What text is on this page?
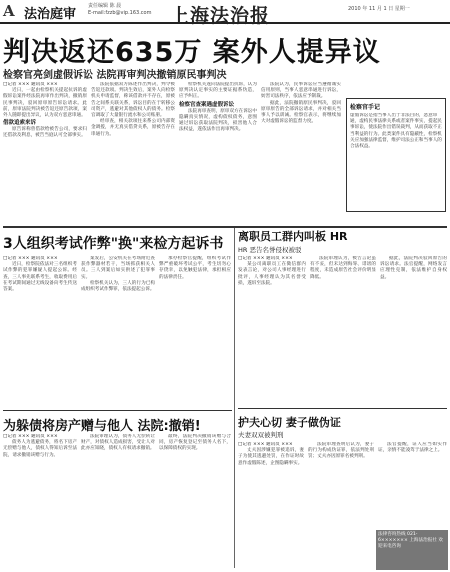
A 法治庭审
责任编辑 陈 晨
E-mail:fzzb@vip.163.com 上海法治报	2010 年 11 月 1 日 星期一
判决返还635万 案外人提异议
检察官亮剑虚假诉讼 法院再审判决撤销原民事判决
□记者 ××× 通讯员 ×××

近日，一起由检察机关提起抗诉的虚假诉讼案件经法院再审作出判决，撤销原民事判决，驳回原审原告诉讼请求。此前，原审法院判决被告返还原告款项，案外人随即提出异议，认为双方恶意串通。

借款追索来诉

原告诉称曾借款给被告公司，要求归还借款及利息，被告当庭认可全部事实。

法院依据双方陈述作出判决，判令被告返还款项。判决生效后，案外人向检察机关申请监督，称该借款并不存在，原被告之间系关联关系，诉讼目的在于转移公司资产，逃避对其他债权人的债务。检察官调取了大量银行流水和公司账册。

经审查，相关款项往来系公司内部资金调拨，并无真实借贷关系，原被告存在串通行为。

检察机关遂向法院提出抗诉，认为原判决认定事实的主要证据系伪造，应予纠正。

检察官查案遇虚假诉讼

法院再审查明，原审双方在诉讼中隐瞒真实情况，虚构债权债务，意图通过诉讼获取法院判决，损害他人合法权益，遂依法作出再审判决。

法院认为，民事诉讼应当遵循诚实信用原则，当事人恶意串通进行诉讼，妨害司法秩序，依法应予制裁。

据此，法院撤销原民事判决，驳回原审原告的全部诉讼请求，并对相关当事人予以训诫。检察官表示，将继续加大对虚假诉讼的监督力度。

检察官手记
虚假诉讼是指当事人出于非法目的，恶意串通，虚构民事法律关系或者案件事实，提起民事诉讼，使法院作出错误裁判，从而获取不正当利益的行为。此类案件具有隐蔽性，检察机关应加强法律监督，维护司法公正和当事人的合法权益。
3人组织考试作弊"换"来检方起诉书
□记者 ××× 通讯员 ×××

近日，检察院依法对三名组织考试作弊的犯罪嫌疑人提起公诉。经查，三人事先联系考生，收取费用后在考试期间通过无线设备向考生传送答案。

案发后，公安机关在考场附近查获作弊器材若干，当场抓获相关人员。三人到案后如实供述了犯罪事实。

检察机关认为，三人的行为已构成组织考试作弊罪，依法提起公诉。

承办检察官提醒，组织考试作弊严重破坏考试公平，考生切勿心存侥幸，以免触犯法律，承担相应的法律责任。

离职员工群内叫板 HR
HR 恶告名誉侵权被驳
□记者 ××× 通讯员 ×××

某公司离职员工在微信群内发表言论，对公司人事经理进行批评，人事经理认为其名誉受损，遂诉至法院。

法院审理认为，被告言论虽有不妥，但未达到侮辱、诽谤的程度，未造成原告社会评价明显降低。

据此，法院判决驳回原告的诉讼请求。法官提醒，网络发言应理性克制，依法维护自身权益。

为躲债将房产赠与他人 法院:撤销!
□记者 ××× 通讯员 ×××

债务人为逃避债务，将名下房产无偿赠与他人，债权人得知后诉至法院，请求撤销该赠与行为。

法院审理认为，债务人无偿转让财产，对债权人造成损害，受让人对此亦应知晓，债权人有权请求撤销。

最终，法院判决撤销该赠与合同，房产恢复登记至债务人名下，以保障债权的实现。

护夫心切 妻子做伪证
夫妻双双被判刑
□记者 ××× 通讯员 ×××

丈夫因涉嫌犯罪被追诉，妻子为使其逃避处罚，在作证时故意作虚假陈述，企图隐瞒事实。

法院审理查明后认为，妻子的行为构成伪证罪，依法判处刑罚；丈夫亦因原罪名被判刑。

法官提醒，证人应当如实作证，亲情不能凌驾于法律之上。

法律咨询热线 021-6××××××× 上海法治报社 欢迎来电咨询
